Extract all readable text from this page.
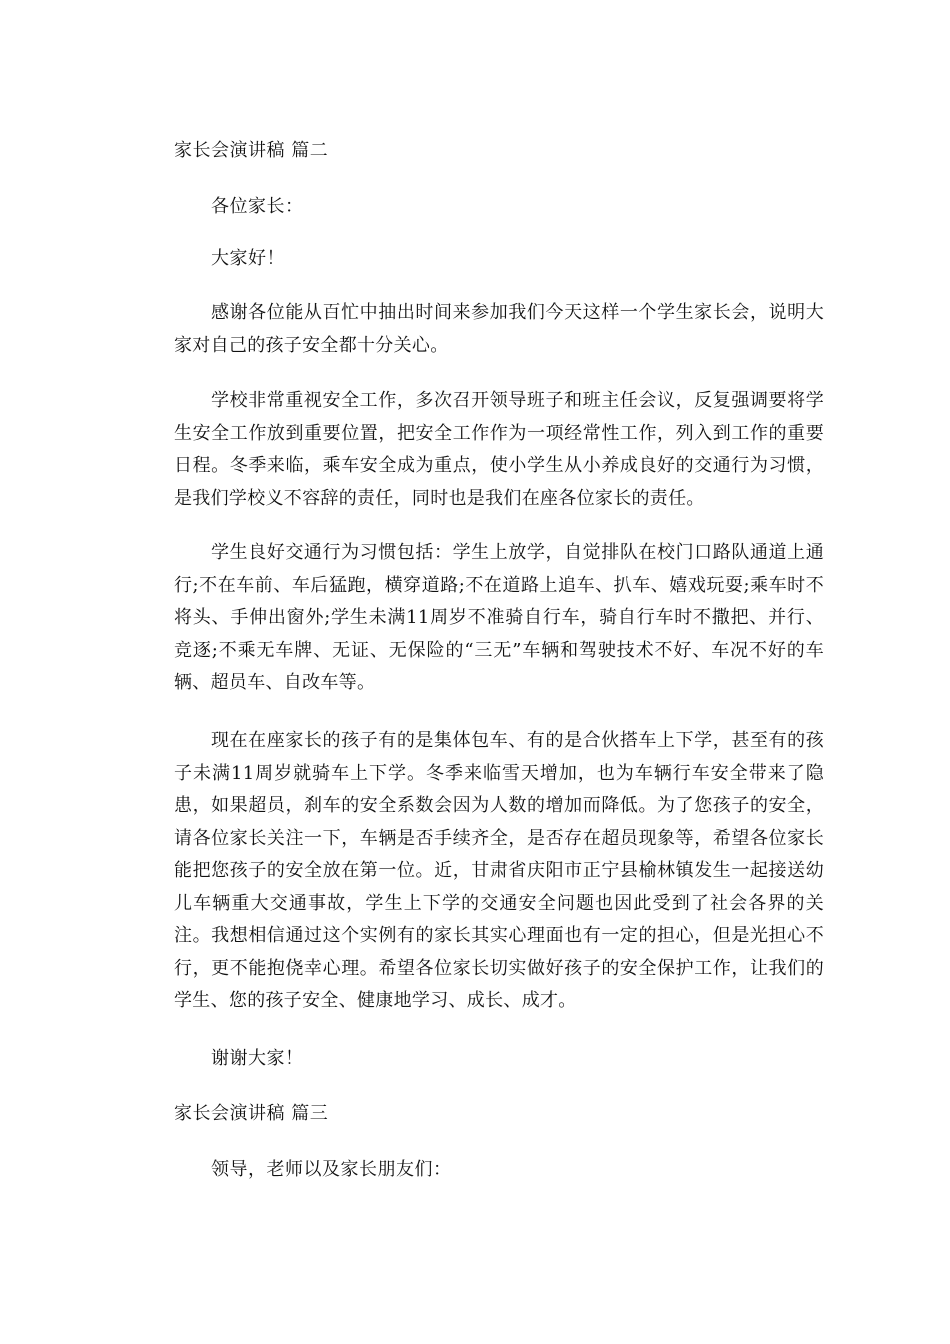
家长会演讲稿 篇二
各位家长：
大家好！

感谢各位能从百忙中抽出时间来参加我们今天这样一个学生家长会，说明大家对自己的孩子安全都十分关心。

学校非常重视安全工作，多次召开领导班子和班主任会议，反复强调要将学生安全工作放到重要位置，把安全工作作为一项经常性工作，列入到工作的重要日程。冬季来临，乘车安全成为重点，使小学生从小养成良好的交通行为习惯，是我们学校义不容辞的责任，同时也是我们在座各位家长的责任。

学生良好交通行为习惯包括：学生上放学，自觉排队在校门口路队通道上通行;不在车前、车后猛跑，横穿道路;不在道路上追车、扒车、嬉戏玩耍;乘车时不将头、手伸出窗外;学生未满11周岁不准骑自行车，骑自行车时不撒把、并行、竞逐;不乘无车牌、无证、无保险的“三无”车辆和驾驶技术不好、车况不好的车辆、超员车、自改车等。

现在在座家长的孩子有的是集体包车、有的是合伙搭车上下学，甚至有的孩子未满11周岁就骑车上下学。冬季来临雪天增加，也为车辆行车安全带来了隐患，如果超员，刹车的安全系数会因为人数的增加而降低。为了您孩子的安全，请各位家长关注一下，车辆是否手续齐全，是否存在超员现象等，希望各位家长能把您孩子的安全放在第一位。近，甘肃省庆阳市正宁县榆林镇发生一起接送幼儿车辆重大交通事故，学生上下学的交通安全问题也因此受到了社会各界的关注。我想相信通过这个实例有的家长其实心理面也有一定的担心，但是光担心不行，更不能抱侥幸心理。希望各位家长切实做好孩子的安全保护工作，让我们的学生、您的孩子安全、健康地学习、成长、成才。

谢谢大家！
家长会演讲稿 篇三
领导，老师以及家长朋友们：
